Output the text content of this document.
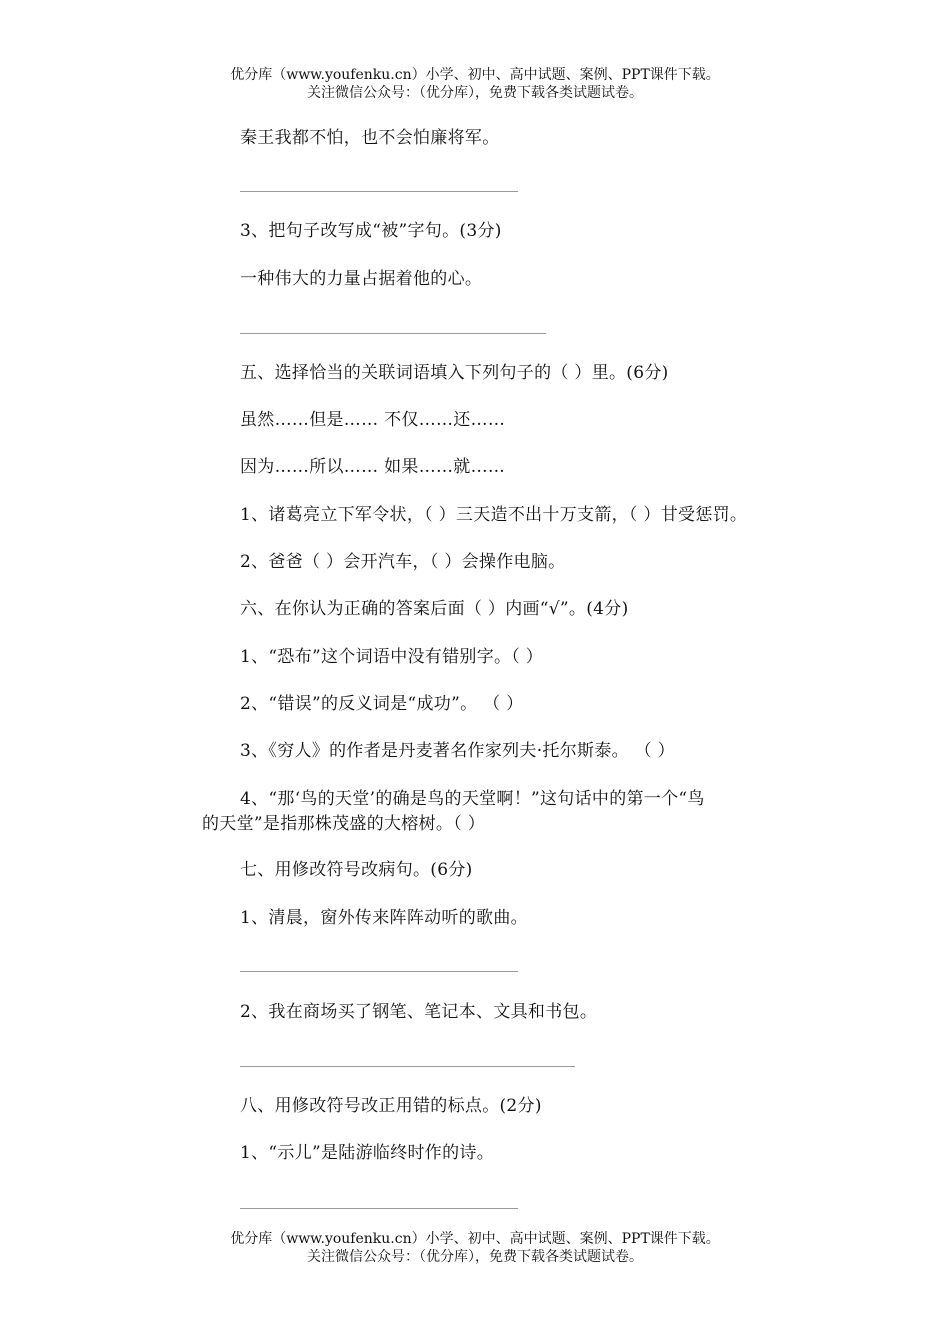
优分库（www.youfenku.cn）小学、初中、高中试题、案例、PPT课件下载。
关注微信公众号：（优分库），免费下载各类试题试卷。
秦王我都不怕，也不会怕廉将军。
3、把句子改写成“被”字句。(3分)
一种伟大的力量占据着他的心。
五、选择恰当的关联词语填入下列句子的（ ）里。(6分)
虽然……但是…… 不仅……还……
因为……所以…… 如果……就……
1、诸葛亮立下军令状，（ ）三天造不出十万支箭，（ ）甘受惩罚。
2、爸爸（ ）会开汽车，（ ）会操作电脑。
六、在你认为正确的答案后面（ ）内画“√”。(4分)
1、“恐布”这个词语中没有错别字。（ ）
2、“错误”的反义词是“成功”。 （ ）
3、《穷人》的作者是丹麦著名作家列夫·托尔斯泰。 （ ）
4、“那‘鸟的天堂’的确是鸟的天堂啊！”这句话中的第一个“鸟
的天堂”是指那株茂盛的大榕树。（ ）
七、用修改符号改病句。(6分)
1、清晨，窗外传来阵阵动听的歌曲。
2、我在商场买了钢笔、笔记本、文具和书包。
八、用修改符号改正用错的标点。(2分)
1、“示儿”是陆游临终时作的诗。
优分库（www.youfenku.cn）小学、初中、高中试题、案例、PPT课件下载。
关注微信公众号：（优分库），免费下载各类试题试卷。
